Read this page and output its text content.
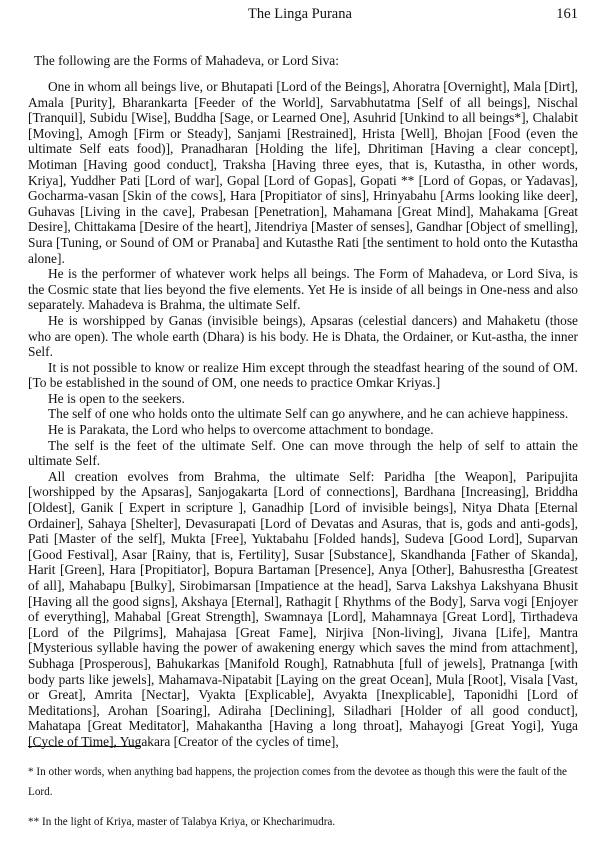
The Linga Purana	161

The following are the Forms of Mahadeva, or Lord Siva:

One in whom all beings live, or Bhutapati [Lord of the Beings], Ahoratra [Overnight], Mala [Dirt], Amala [Purity], Bharankarta [Feeder of the World], Sarvabhutatma [Self of all beings], Nischal [Tranquil], Subidu [Wise], Buddha [Sage, or Learned One], Asuhrid [Unkind to all beings*], Chalabit [Moving], Amogh [Firm or Steady], Sanjami [Restrained], Hrista [Well], Bhojan [Food (even the ultimate Self eats food)], Pranadharan [Holding the life], Dhritiman [Having a clear concept], Motiman [Having good conduct], Traksha [Having three eyes, that is, Kutastha, in other words, Kriya], Yuddher Pati [Lord of war], Gopal [Lord of Gopas], Gopati ** [Lord of Gopas, or Yadavas], Gocharma-vasan [Skin of the cows], Hara [Propitiator of sins], Hrinyabahu [Arms looking like deer], Guhavas [Living in the cave], Prabesan [Penetration], Mahamana [Great Mind], Mahakama [Great Desire], Chittakama [Desire of the heart], Jitendriya [Master of senses], Gandhar [Object of smelling], Sura [Tuning, or Sound of OM or Pranaba] and Kutasthe Rati [the sentiment to hold onto the Kutastha alone].

He is the performer of whatever work helps all beings. The Form of Mahadeva, or Lord Siva, is the Cosmic state that lies beyond the five elements. Yet He is inside of all beings in One-ness and also separately. Mahadeva is Brahma, the ultimate Self.

He is worshipped by Ganas (invisible beings), Apsaras (celestial dancers) and Mahaketu (those who are open). The whole earth (Dhara) is his body. He is Dhata, the Ordainer, or Kut-astha, the inner Self.

It is not possible to know or realize Him except through the steadfast hearing of the sound of OM. [To be established in the sound of OM, one needs to practice Omkar Kriyas.]

He is open to the seekers.

The self of one who holds onto the ultimate Self can go anywhere, and he can achieve happiness.

He is Parakata, the Lord who helps to overcome attachment to bondage.

The self is the feet of the ultimate Self. One can move through the help of self to attain the ultimate Self.

All creation evolves from Brahma, the ultimate Self: Paridha [the Weapon], Paripujita [worshipped by the Apsaras], Sanjogakarta [Lord of connections], Bardhana [Increasing], Briddha [Oldest], Ganik [ Expert in scripture ], Ganadhip [Lord of invisible beings], Nitya Dhata [Eternal Ordainer], Sahaya [Shelter], Devasurapati [Lord of Devatas and Asuras, that is, gods and anti-gods], Pati [Master of the self], Mukta [Free], Yuktabahu [Folded hands], Sudeva [Good Lord], Suparvan [Good Festival], Asar [Rainy, that is, Fertility], Susar [Substance], Skandhanda [Father of Skanda], Harit [Green], Hara [Propitiator], Bopura Bartaman [Presence], Anya [Other], Bahusrestha [Greatest of all], Mahabapu [Bulky], Sirobimarsan [Impatience at the head], Sarva Lakshya Lakshyana Bhusit [Having all the good signs], Akshaya [Eternal], Rathagit [ Rhythms of the Body], Sarva vogi [Enjoyer of everything], Mahabal [Great Strength], Swamnaya [Lord], Mahamnaya [Great Lord], Tirthadeva [Lord of the Pilgrims], Mahajasa [Great Fame], Nirjiva [Non-living], Jivana [Life], Mantra [Mysterious syllable having the power of awakening energy which saves the mind from attachment], Subhaga [Prosperous], Bahukarkas [Manifold Rough], Ratnabhuta [full of jewels], Pratnanga [with body parts like jewels], Mahamava-Nipatabit [Laying on the great Ocean], Mula [Root], Visala [Vast, or Great], Amrita [Nectar], Vyakta [Explicable], Avyakta [Inexplicable], Taponidhi [Lord of Meditations], Arohan [Soaring], Adiraha [Declining], Siladhari [Holder of all good conduct], Mahatapa [Great Meditator], Mahakantha [Having a long throat], Mahayogi [Great Yogi], Yuga [Cycle of Time], Yugakara [Creator of the cycles of time],

* In other words, when anything bad happens, the projection comes from the devotee as though this were the fault of the Lord.
** In the light of Kriya, master of Talabya Kriya, or Khecharimudra.
